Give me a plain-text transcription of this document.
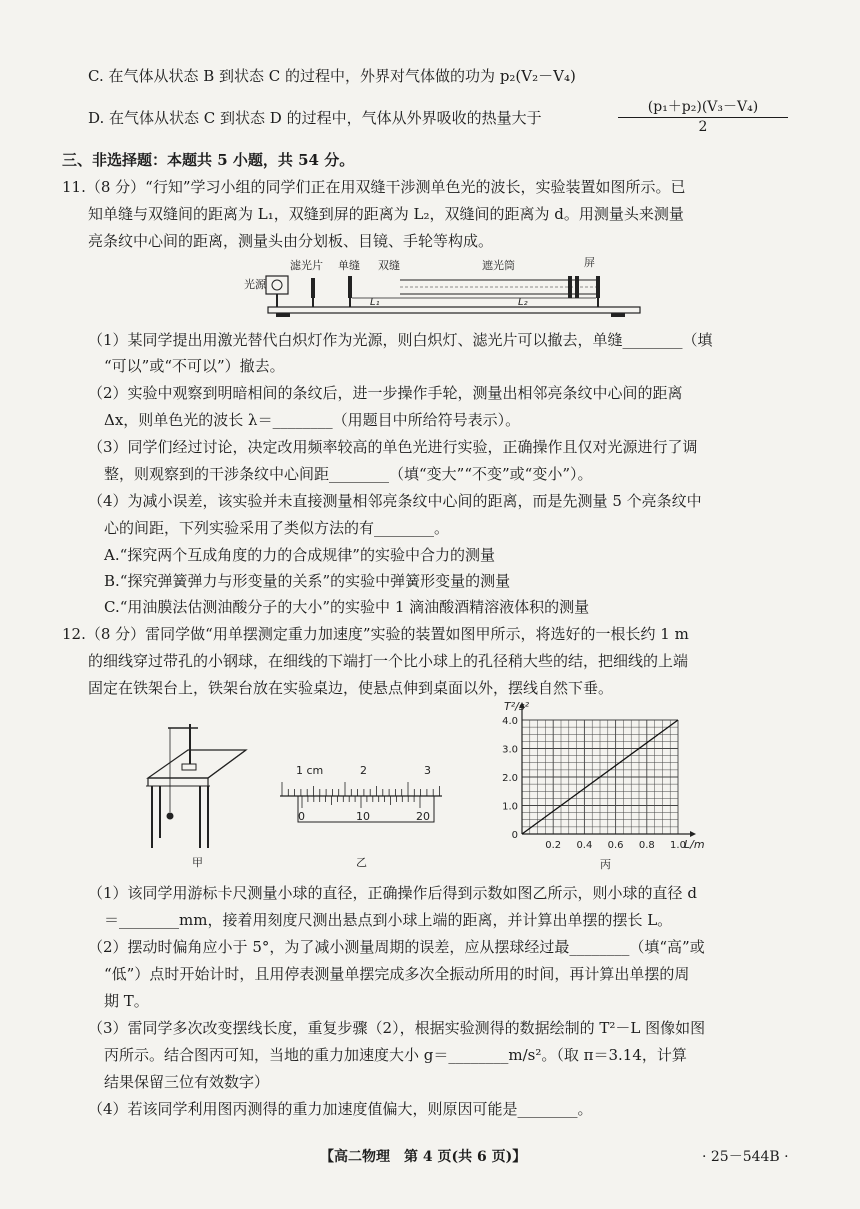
C. 在气体从状态 B 到状态 C 的过程中，外界对气体做的功为 p₂(V₂－V₄)
D. 在气体从状态 C 到状态 D 的过程中，气体从外界吸收的热量大于	$\frac{\text{(p₁＋p₂)(V₃－V₄)}}{2}$
三、非选择题：本题共 5 小题，共 54 分。
11.（8 分）“行知”学习小组的同学们正在用双缝干涉测单色光的波长，实验装置如图所示。已
知单缝与双缝间的距离为 L₁，双缝到屏的距离为 L₂，双缝间的距离为 d。用测量头来测量
亮条纹中心间的距离，测量头由分划板、目镜、手轮等构成。
光源
滤光片 单缝 双缝	遮光筒	屏
L₁	L₂
（1）某同学提出用激光替代白炽灯作为光源，则白炽灯、滤光片可以撤去，单缝________（填
“可以”或“不可以”）撤去。
（2）实验中观察到明暗相间的条纹后，进一步操作手轮，测量出相邻亮条纹中心间的距离
Δx，则单色光的波长 λ＝________（用题目中所给符号表示）。
（3）同学们经过讨论，决定改用频率较高的单色光进行实验，正确操作且仅对光源进行了调
整，则观察到的干涉条纹中心间距________（填“变大”“不变”或“变小”）。
（4）为减小误差，该实验并未直接测量相邻亮条纹中心间的距离，而是先测量 5 个亮条纹中
心的间距，下列实验采用了类似方法的有________。
A.“探究两个互成角度的力的合成规律”的实验中合力的测量
B.“探究弹簧弹力与形变量的关系”的实验中弹簧形变量的测量
C.“用油膜法估测油酸分子的大小”的实验中 1 滴油酸酒精溶液体积的测量
12.（8 分）雷同学做“用单摆测定重力加速度”实验的装置如图甲所示，将选好的一根长约 1 m
的细线穿过带孔的小钢球，在细线的下端打一个比小球上的孔径稍大些的结，把细线的上端
固定在铁架台上，铁架台放在实验桌边，使悬点伸到桌面以外，摆线自然下垂。
甲
1 cm	2	3
0	10	20
乙
4.0
3.0
2.0
1.0
0
0.2 0.4 0.6 0.8 1.0
T²/s²
L/m
丙
（1）该同学用游标卡尺测量小球的直径，正确操作后得到示数如图乙所示，则小球的直径 d
＝________mm，接着用刻度尺测出悬点到小球上端的距离，并计算出单摆的摆长 L。
（2）摆动时偏角应小于 5°，为了减小测量周期的误差，应从摆球经过最________（填“高”或
“低”）点时开始计时，且用停表测量单摆完成多次全振动所用的时间，再计算出单摆的周
期 T。
（3）雷同学多次改变摆线长度，重复步骤（2），根据实验测得的数据绘制的 T²－L 图像如图
丙所示。结合图丙可知，当地的重力加速度大小 g＝________m/s²。（取 π＝3.14，计算
结果保留三位有效数字）
（4）若该同学利用图丙测得的重力加速度值偏大，则原因可能是________。
【高二物理　第 4 页(共 6 页)】	· 25－544B ·
